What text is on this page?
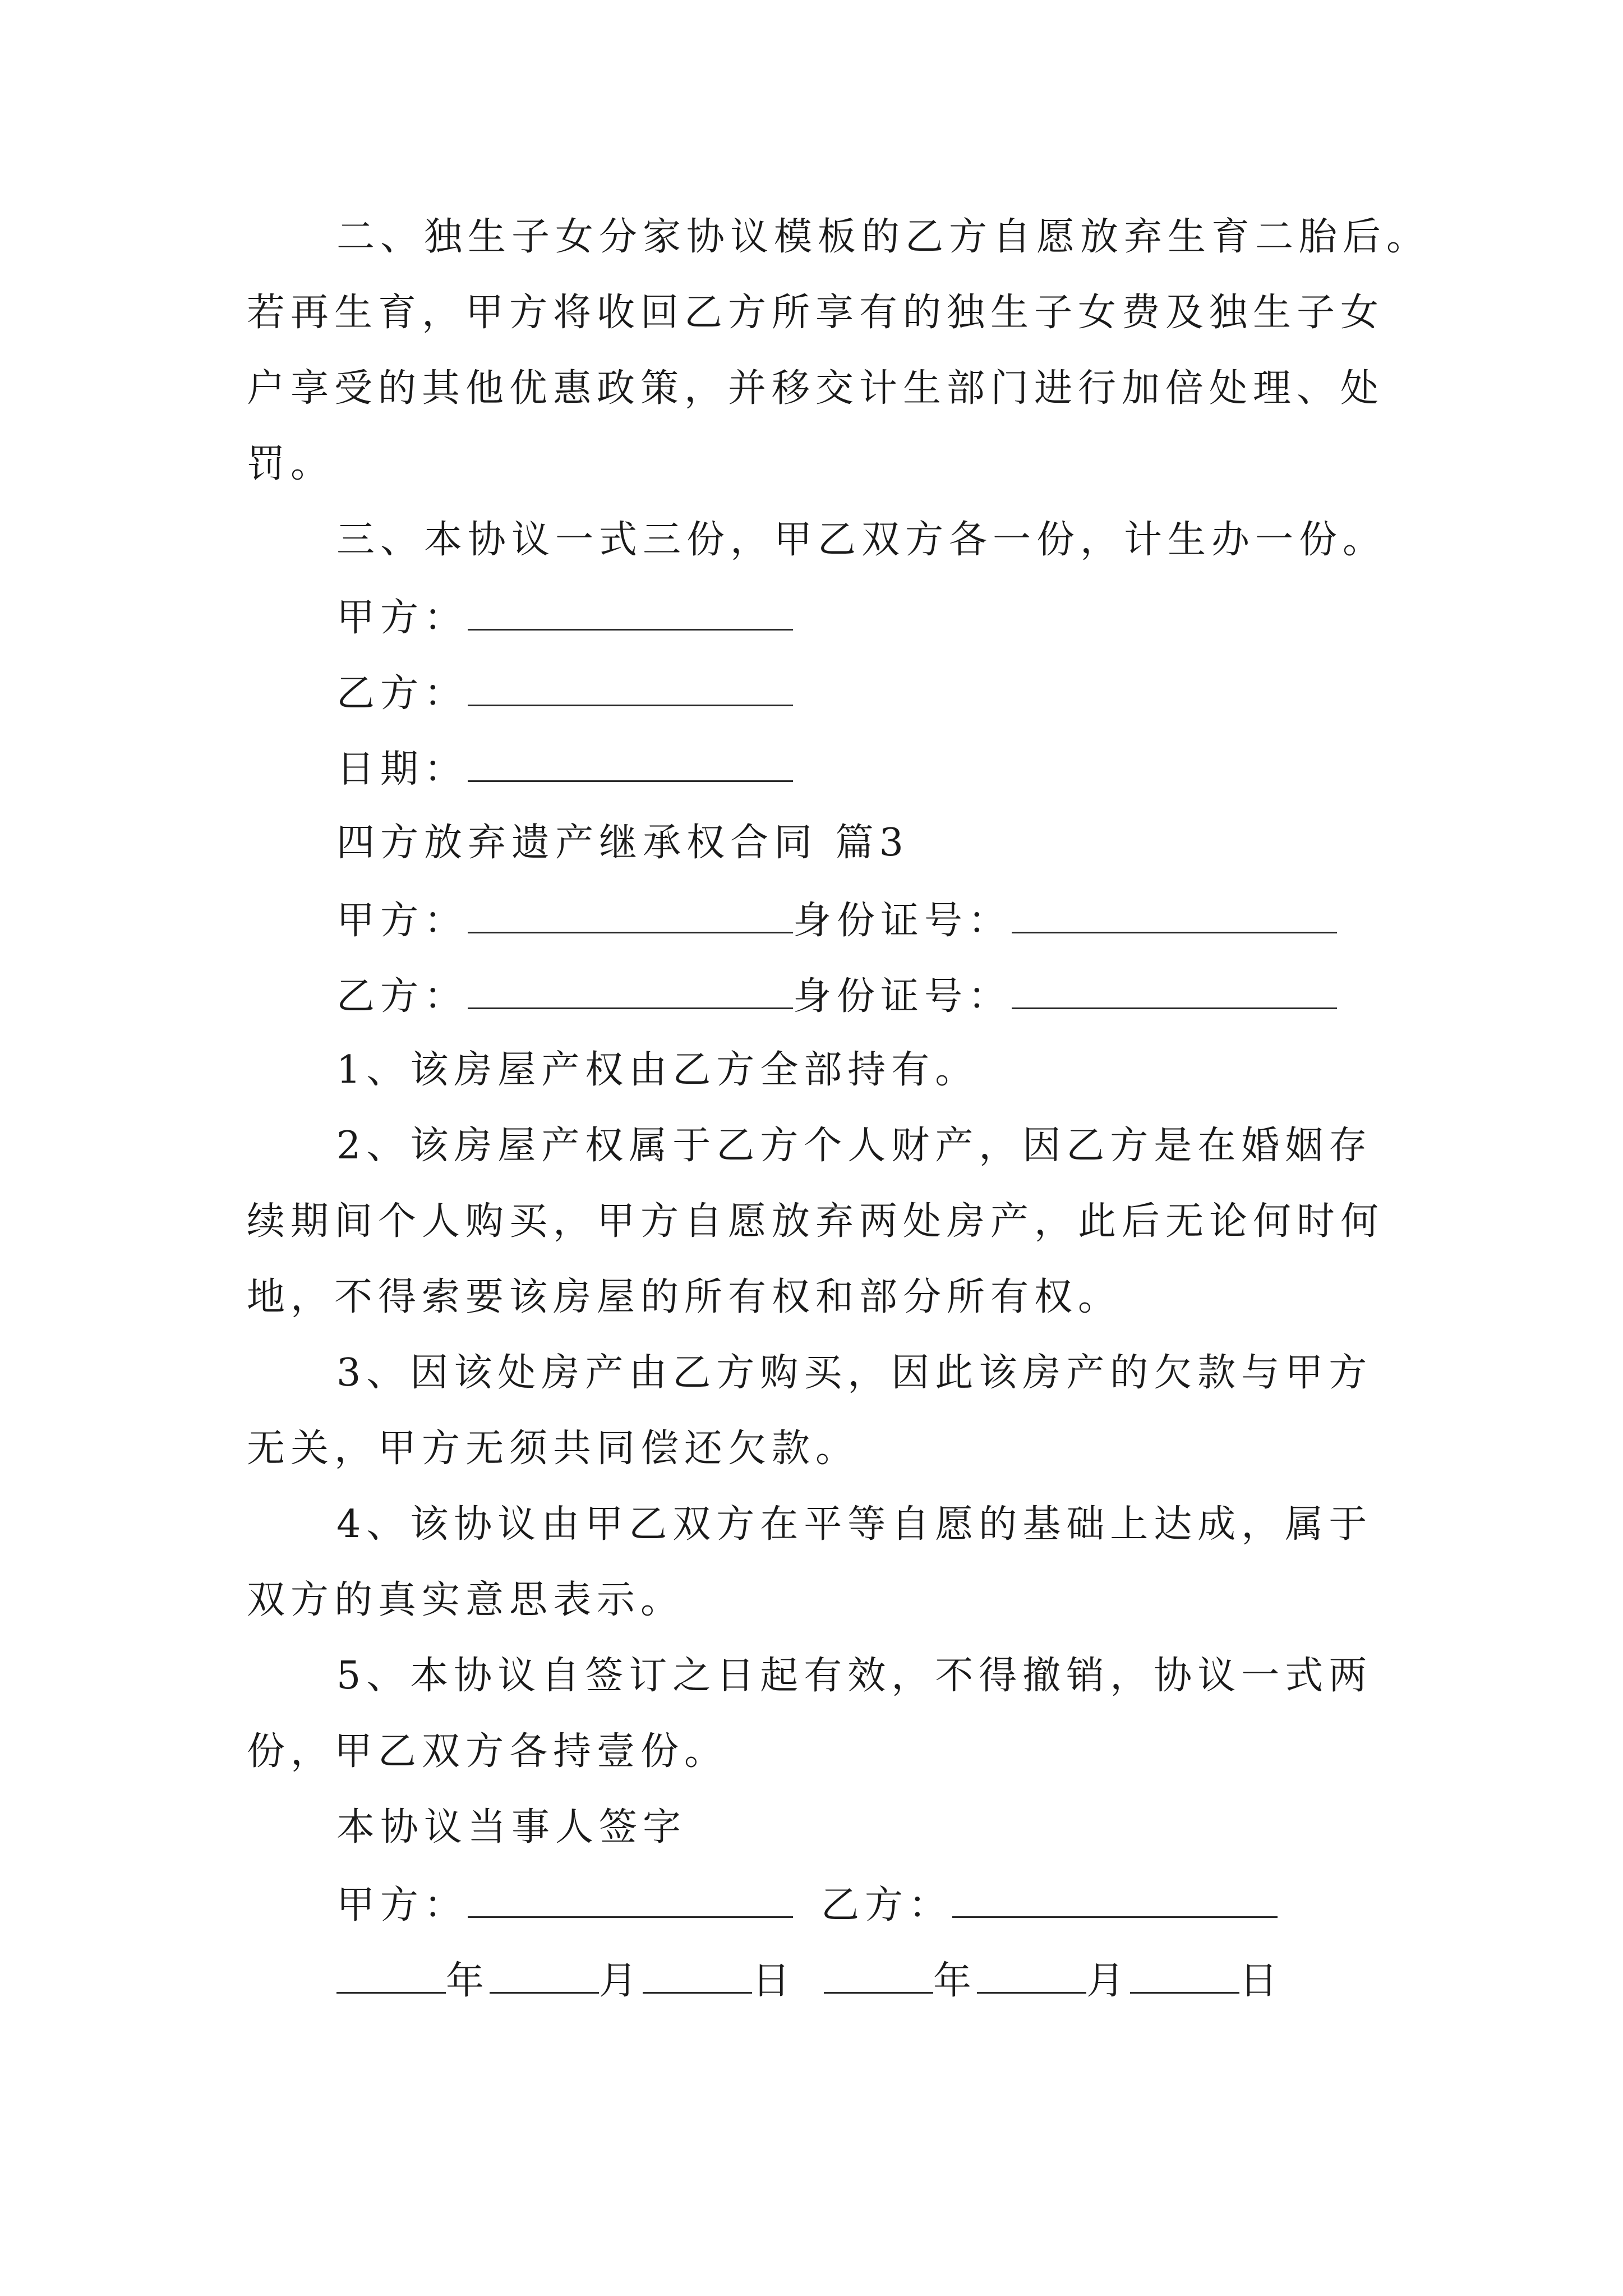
二、独生子女分家协议模板的乙方自愿放弃生育二胎后。
若再生育，甲方将收回乙方所享有的独生子女费及独生子女
户享受的其他优惠政策，并移交计生部门进行加倍处理、处
罚。
三、本协议一式三份，甲乙双方各一份，计生办一份。
甲方：
乙方：
日期：
四方放弃遗产继承权合同 篇3
甲方：	身份证号：
乙方：	身份证号：
1、该房屋产权由乙方全部持有。
2、该房屋产权属于乙方个人财产，因乙方是在婚姻存
续期间个人购买，甲方自愿放弃两处房产，此后无论何时何
地，不得索要该房屋的所有权和部分所有权。
3、因该处房产由乙方购买，因此该房产的欠款与甲方
无关，甲方无须共同偿还欠款。
4、该协议由甲乙双方在平等自愿的基础上达成，属于
双方的真实意思表示。
5、本协议自签订之日起有效，不得撤销，协议一式两
份，甲乙双方各持壹份。
本协议当事人签字
甲方：	乙方：
年	月	日	年	月	日
